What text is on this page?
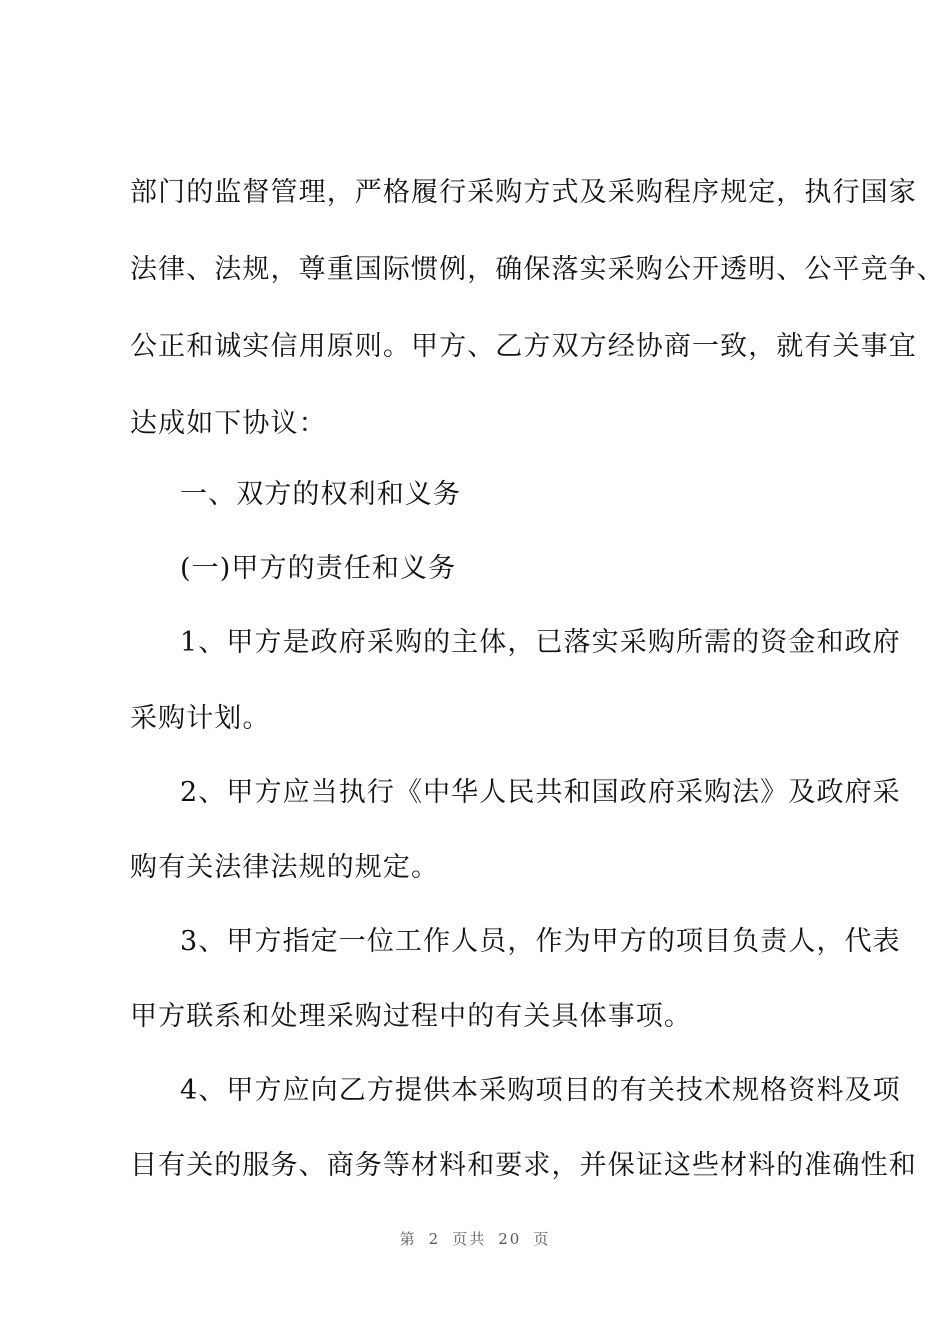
部门的监督管理，严格履行采购方式及采购程序规定，执行国家
法律、法规，尊重国际惯例，确保落实采购公开透明、公平竞争、
公正和诚实信用原则。甲方、乙方双方经协商一致，就有关事宜
达成如下协议：
一、双方的权利和义务
(一)甲方的责任和义务
1、甲方是政府采购的主体，已落实采购所需的资金和政府
采购计划。
2、甲方应当执行《中华人民共和国政府采购法》及政府采
购有关法律法规的规定。
3、甲方指定一位工作人员，作为甲方的项目负责人，代表
甲方联系和处理采购过程中的有关具体事项。
4、甲方应向乙方提供本采购项目的有关技术规格资料及项
目有关的服务、商务等材料和要求，并保证这些材料的准确性和
第 2 页共 20 页
